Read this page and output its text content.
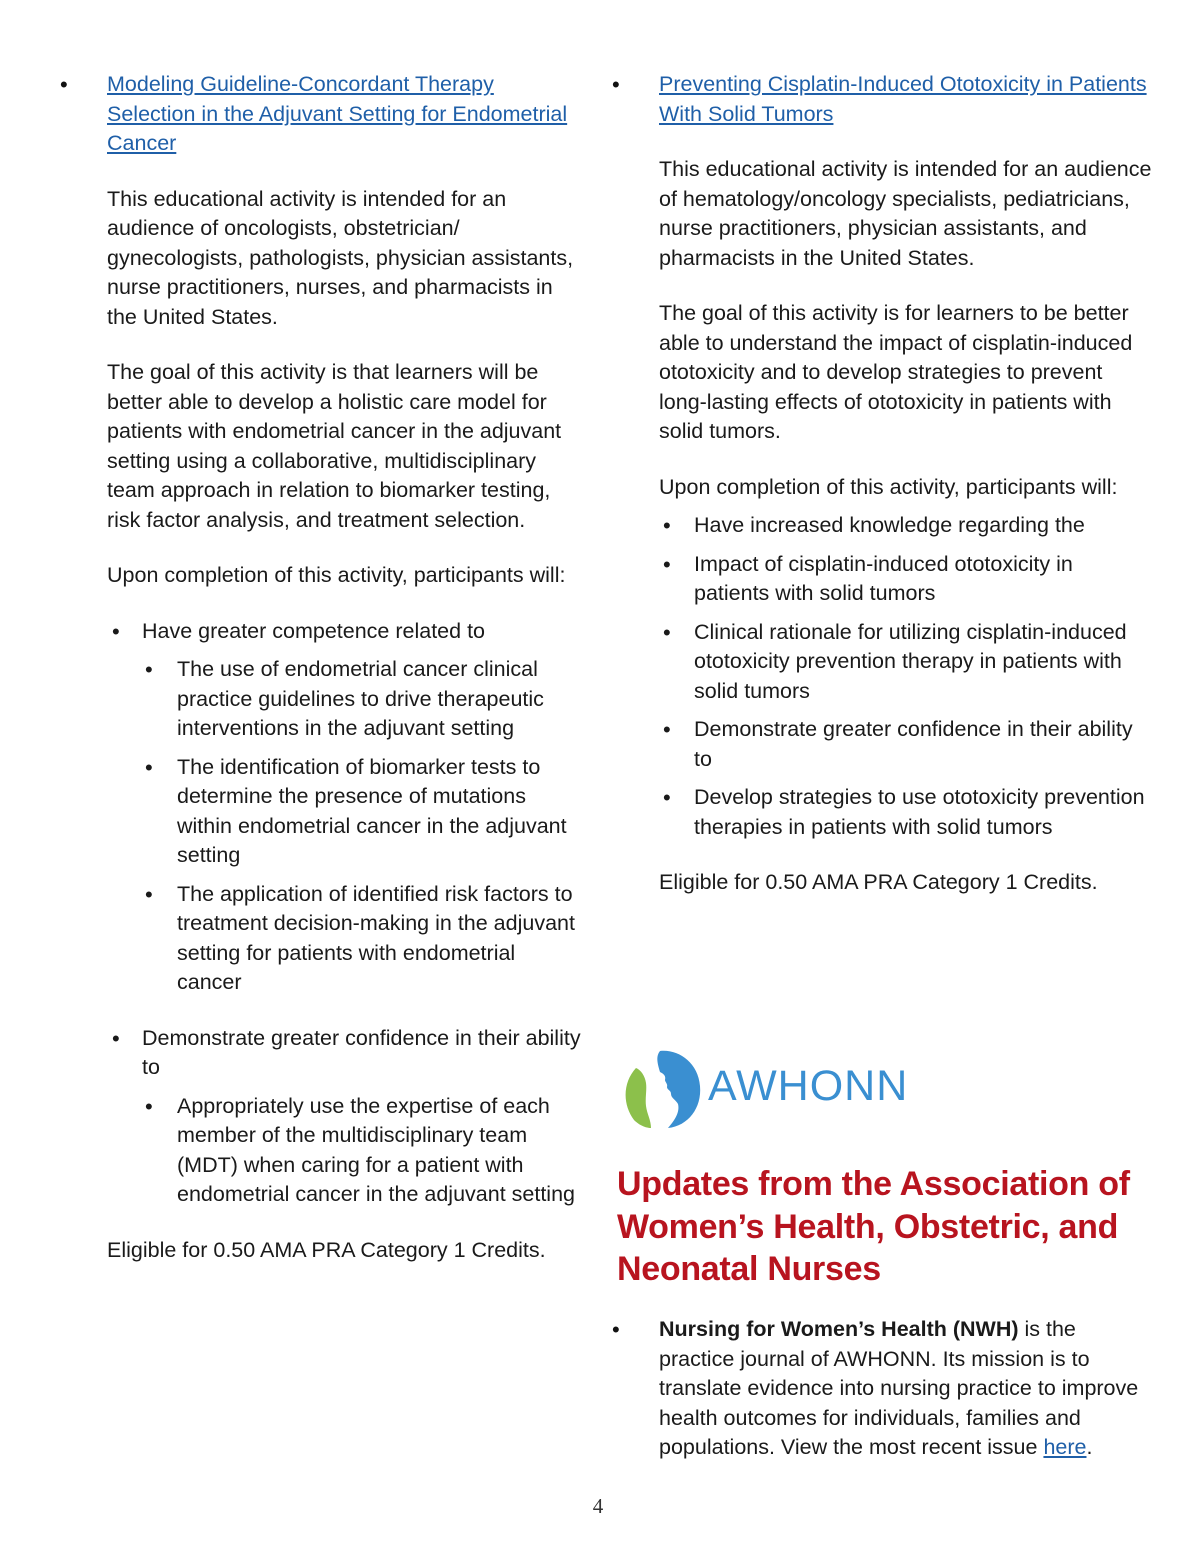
• Modeling Guideline-Concordant Therapy Selection in the Adjuvant Setting for Endometrial Cancer

This educational activity is intended for an audience of oncologists, obstetrician/ gynecologists, pathologists, physician assistants, nurse practitioners, nurses, and pharmacists in the United States.

The goal of this activity is that learners will be better able to develop a holistic care model for patients with endometrial cancer in the adjuvant setting using a collaborative, multidisciplinary team approach in relation to biomarker testing, risk factor analysis, and treatment selection.

Upon completion of this activity, participants will:

• Have greater competence related to
• The use of endometrial cancer clinical practice guidelines to drive therapeutic interventions in the adjuvant setting
• The identification of biomarker tests to determine the presence of mutations within endometrial cancer in the adjuvant setting
• The application of identified risk factors to treatment decision-making in the adjuvant setting for patients with endometrial cancer
• Demonstrate greater confidence in their ability to
• Appropriately use the expertise of each member of the multidisciplinary team (MDT) when caring for a patient with endometrial cancer in the adjuvant setting

Eligible for 0.50 AMA PRA Category 1 Credits.

• Preventing Cisplatin-Induced Ototoxicity in Patients With Solid Tumors

This educational activity is intended for an audience of hematology/oncology specialists, pediatricians, nurse practitioners, physician assistants, and pharmacists in the United States.

The goal of this activity is for learners to be better able to understand the impact of cisplatin-induced ototoxicity and to develop strategies to prevent long-lasting effects of ototoxicity in patients with solid tumors.

Upon completion of this activity, participants will:

• Have increased knowledge regarding the
• Impact of cisplatin-induced ototoxicity in patients with solid tumors
• Clinical rationale for utilizing cisplatin-induced ototoxicity prevention therapy in patients with solid tumors
• Demonstrate greater confidence in their ability to
• Develop strategies to use ototoxicity prevention therapies in patients with solid tumors

Eligible for 0.50 AMA PRA Category 1 Credits.

AWHONN
Updates from the Association of Women’s Health, Obstetric, and Neonatal Nurses
• Nursing for Women’s Health (NWH) is the practice journal of AWHONN. Its mission is to translate evidence into nursing practice to improve health outcomes for individuals, families and populations. View the most recent issue here.
4
